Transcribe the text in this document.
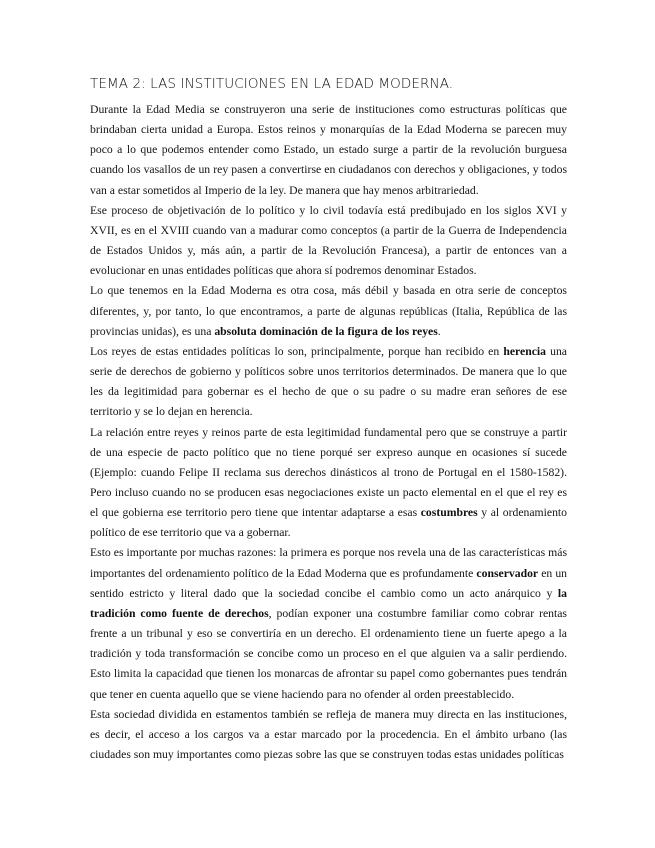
TEMA 2: LAS INSTITUCIONES EN LA EDAD MODERNA.

Durante la Edad Media se construyeron una serie de instituciones como estructuras políticas que brindaban cierta unidad a Europa. Estos reinos y monarquías de la Edad Moderna se parecen muy poco a lo que podemos entender como Estado, un estado surge a partir de la revolución burguesa cuando los vasallos de un rey pasen a convertirse en ciudadanos con derechos y obligaciones, y todos van a estar sometidos al Imperio de la ley. De manera que hay menos arbitrariedad.

Ese proceso de objetivación de lo político y lo civil todavía está predibujado en los siglos XVI y XVII, es en el XVIII cuando van a madurar como conceptos (a partir de la Guerra de Independencia de Estados Unidos y, más aún, a partir de la Revolución Francesa), a partir de entonces van a evolucionar en unas entidades políticas que ahora sí podremos denominar Estados.

Lo que tenemos en la Edad Moderna es otra cosa, más débil y basada en otra serie de conceptos diferentes, y, por tanto, lo que encontramos, a parte de algunas repúblicas (Italia, República de las provincias unidas), es una absoluta dominación de la figura de los reyes.

Los reyes de estas entidades políticas lo son, principalmente, porque han recibido en herencia una serie de derechos de gobierno y políticos sobre unos territorios determinados. De manera que lo que les da legitimidad para gobernar es el hecho de que o su padre o su madre eran señores de ese territorio y se lo dejan en herencia.

La relación entre reyes y reinos parte de esta legitimidad fundamental pero que se construye a partir de una especie de pacto político que no tiene porqué ser expreso aunque en ocasiones sí sucede (Ejemplo: cuando Felipe II reclama sus derechos dinásticos al trono de Portugal en el 1580-1582). Pero incluso cuando no se producen esas negociaciones existe un pacto elemental en el que el rey es el que gobierna ese territorio pero tiene que intentar adaptarse a esas costumbres y al ordenamiento político de ese territorio que va a gobernar.

Esto es importante por muchas razones: la primera es porque nos revela una de las características más importantes del ordenamiento político de la Edad Moderna que es profundamente conservador en un sentido estricto y literal dado que la sociedad concibe el cambio como un acto anárquico y la tradición como fuente de derechos, podían exponer una costumbre familiar como cobrar rentas frente a un tribunal y eso se convertiría en un derecho. El ordenamiento tiene un fuerte apego a la tradición y toda transformación se concibe como un proceso en el que alguien va a salir perdiendo. Esto limita la capacidad que tienen los monarcas de afrontar su papel como gobernantes pues tendrán que tener en cuenta aquello que se viene haciendo para no ofender al orden preestablecido.

Esta sociedad dividida en estamentos también se refleja de manera muy directa en las instituciones, es decir, el acceso a los cargos va a estar marcado por la procedencia. En el ámbito urbano (las ciudades son muy importantes como piezas sobre las que se construyen todas estas unidades políticas
